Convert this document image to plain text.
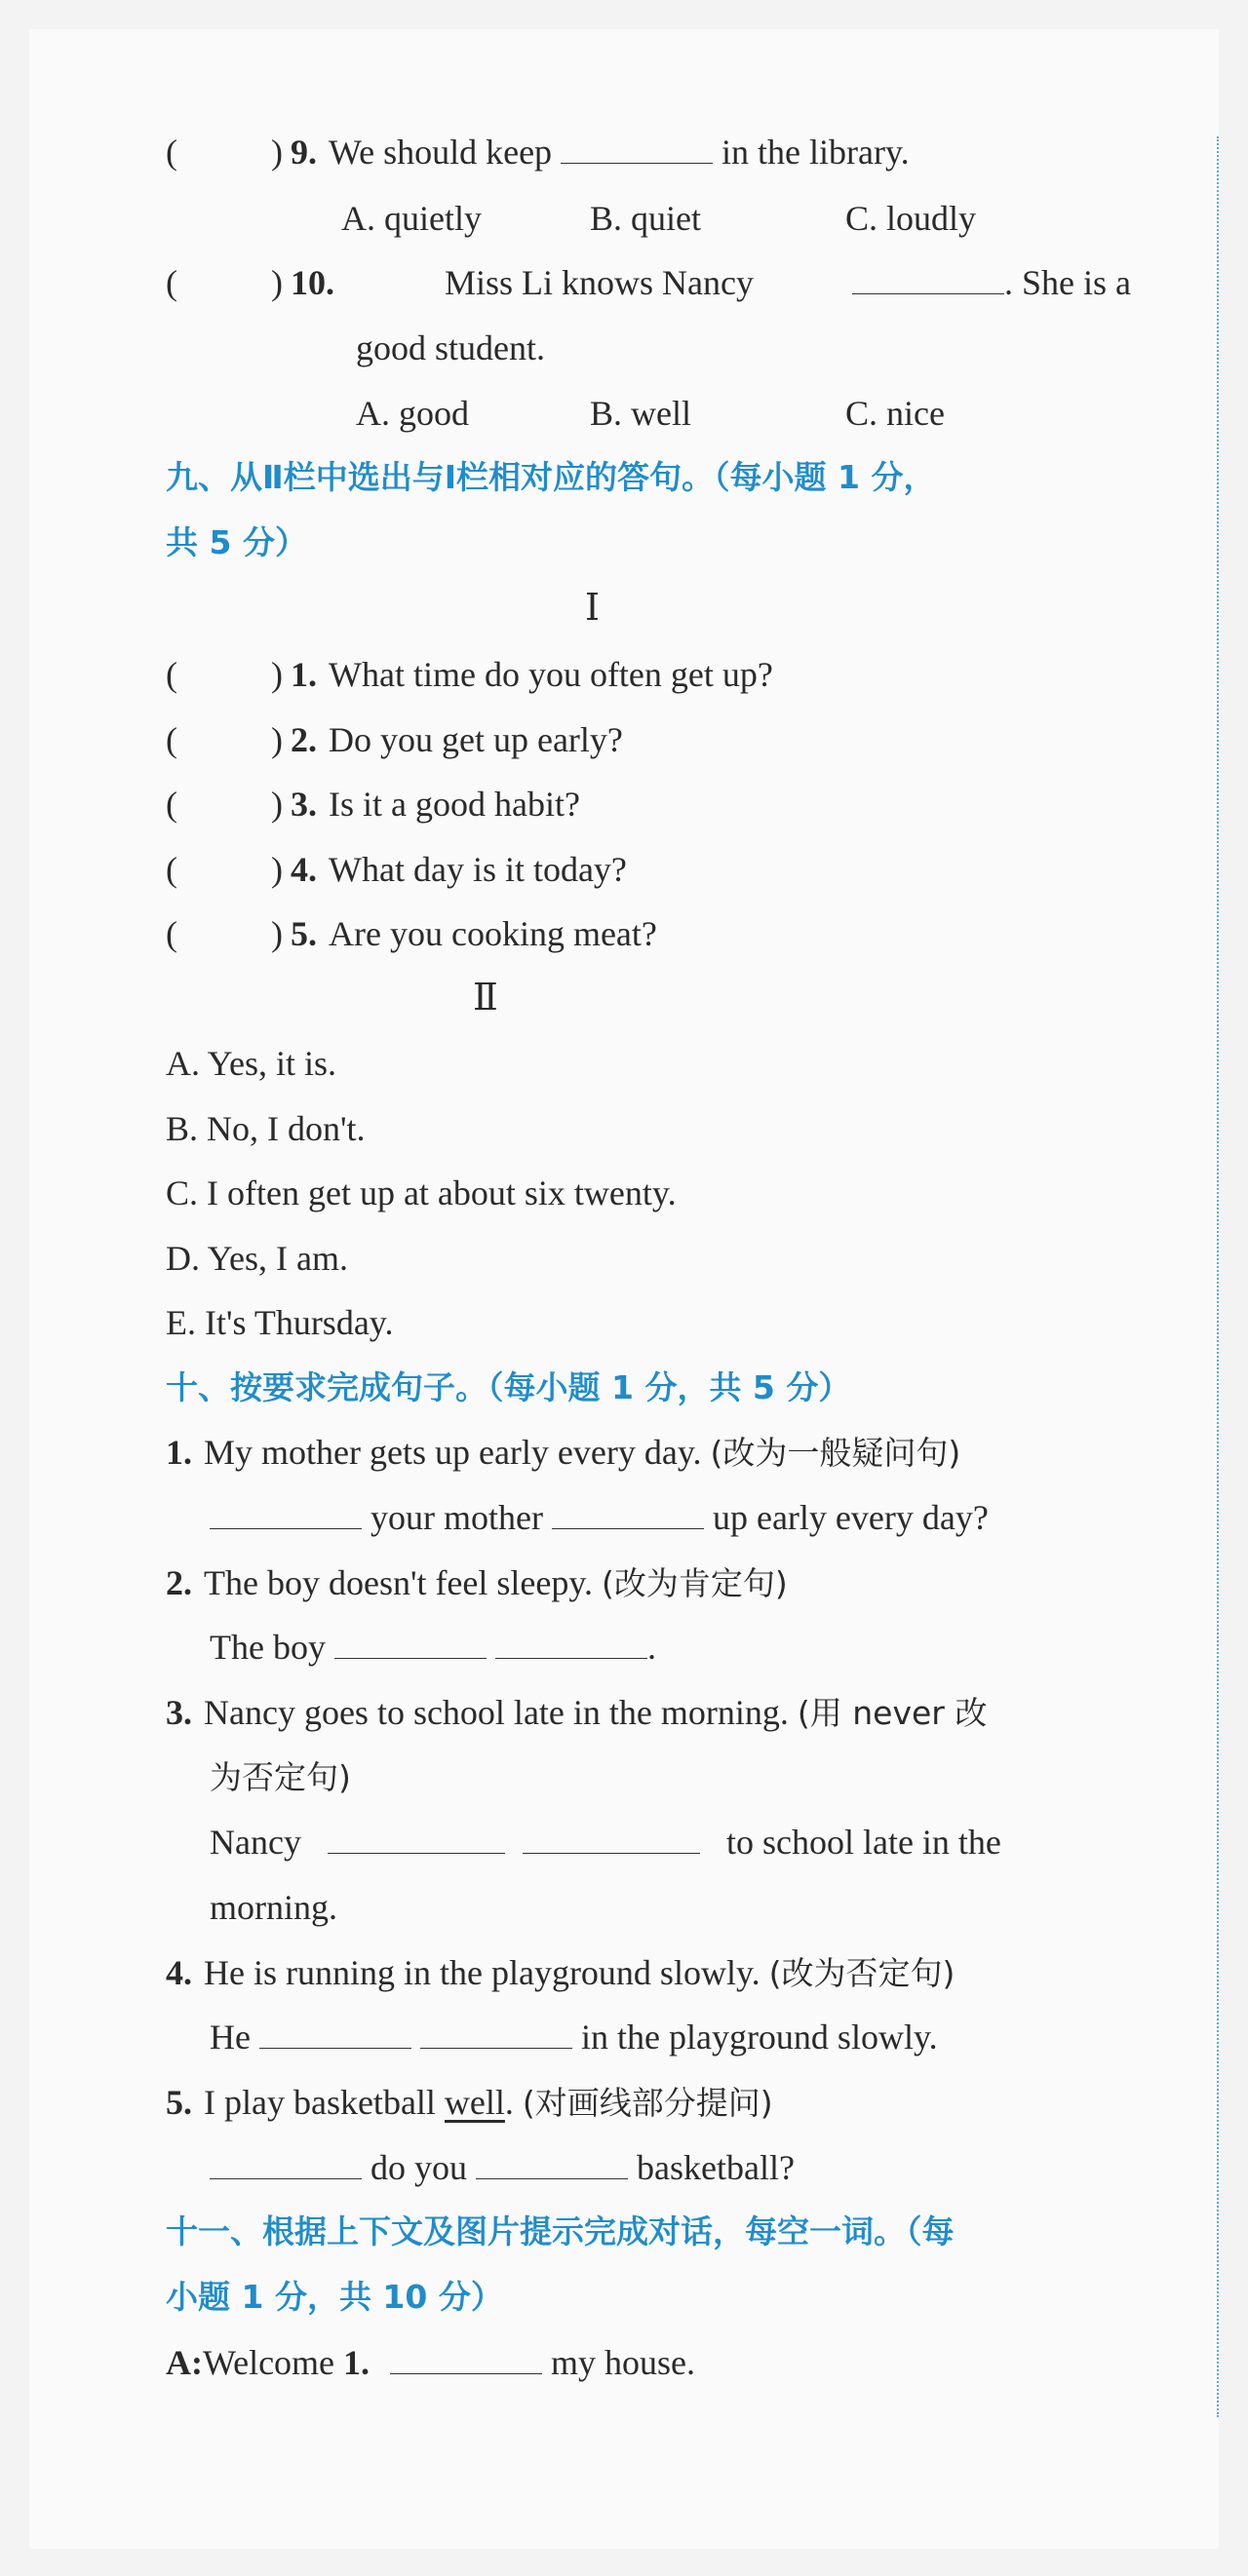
(	) 9. We should keep	in the library.
A. quietly	B. quiet	C. loudly
(	) 10.	Miss Li knows Nancy	. She is a
good student.
A. good	B. well	C. nice
九、从Ⅱ栏中选出与Ⅰ栏相对应的答句。（每小题 1 分，
共 5 分）
Ⅰ
(	) 1. What time do you often get up?
(	) 2. Do you get up early?
(	) 3. Is it a good habit?
(	) 4. What day is it today?
(	) 5. Are you cooking meat?
Ⅱ
A. Yes, it is.
B. No, I don't.
C. I often get up at about six twenty.
D. Yes, I am.
E. It's Thursday.
十、按要求完成句子。（每小题 1 分，共 5 分）
1. My mother gets up early every day. (改为一般疑问句)
your mother	up early every day?
2. The boy doesn't feel sleepy. (改为肯定句)
The boy	.
3. Nancy goes to school late in the morning. (用 never 改
为否定句)
Nancy	to school late in the
morning.
4. He is running in the playground slowly. (改为否定句)
He	in the playground slowly.
5. I play basketball well. (对画线部分提问)
do you	basketball?
十一、根据上下文及图片提示完成对话，每空一词。（每
小题 1 分，共 10 分）
A:Welcome 1.	my house.
